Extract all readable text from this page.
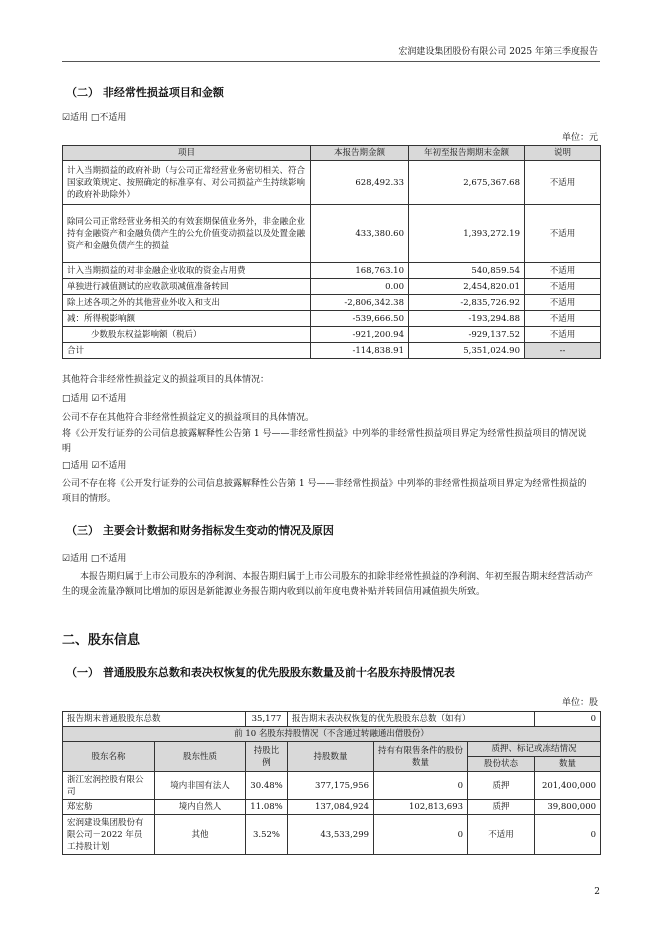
宏润建设集团股份有限公司 2025 年第三季度报告
（二） 非经常性损益项目和金额
☑适用 □不适用
单位：元
项目	本报告期金额	年初至报告期期末金额	说明
计入当期损益的政府补助（与公司正常经营业务密切相关、符合国家政策规定、按照确定的标准享有、对公司损益产生持续影响的政府补助除外）	628,492.33	2,675,367.68	不适用
除同公司正常经营业务相关的有效套期保值业务外，非金融企业持有金融资产和金融负债产生的公允价值变动损益以及处置金融资产和金融负债产生的损益	433,380.60	1,393,272.19	不适用
计入当期损益的对非金融企业收取的资金占用费	168,763.10	540,859.54	不适用
单独进行减值测试的应收款项减值准备转回	0.00	2,454,820.01	不适用
除上述各项之外的其他营业外收入和支出	-2,806,342.38	-2,835,726.92	不适用
减：所得税影响额	-539,666.50	-193,294.88	不适用
少数股东权益影响额（税后）	-921,200.94	-929,137.52	不适用
合计	-114,838.91	5,351,024.90	--
其他符合非经常性损益定义的损益项目的具体情况：
□适用 ☑不适用
公司不存在其他符合非经常性损益定义的损益项目的具体情况。
将《公开发行证券的公司信息披露解释性公告第 1 号——非经常性损益》中列举的非经常性损益项目界定为经常性损益项目的情况说明
□适用 ☑不适用
公司不存在将《公开发行证券的公司信息披露解释性公告第 1 号——非经常性损益》中列举的非经常性损益项目界定为经常性损益的项目的情形。
（三） 主要会计数据和财务指标发生变动的情况及原因
☑适用 □不适用
本报告期归属于上市公司股东的净利润、本报告期归属于上市公司股东的扣除非经常性损益的净利润、年初至报告期末经营活动产生的现金流量净额同比增加的原因是新能源业务报告期内收到以前年度电费补贴并转回信用减值损失所致。
二、股东信息
（一） 普通股股东总数和表决权恢复的优先股股东数量及前十名股东持股情况表
单位：股
报告期末普通股股东总数		35,177	报告期末表决权恢复的优先股股东总数（如有）			0
前 10 名股东持股情况（不含通过转融通出借股份）						
股东名称	股东性质	持股比例	持股数量	持有有限售条件的股份数量	质押、标记或冻结情况	
					股份状态	数量
浙江宏润控股有限公司	境内非国有法人	30.48%	377,175,956	0	质押	201,400,000
郑宏舫	境内自然人	11.08%	137,084,924	102,813,693	质押	39,800,000
宏润建设集团股份有限公司－2022 年员工持股计划	其他	3.52%	43,533,299	0	不适用	0
2
